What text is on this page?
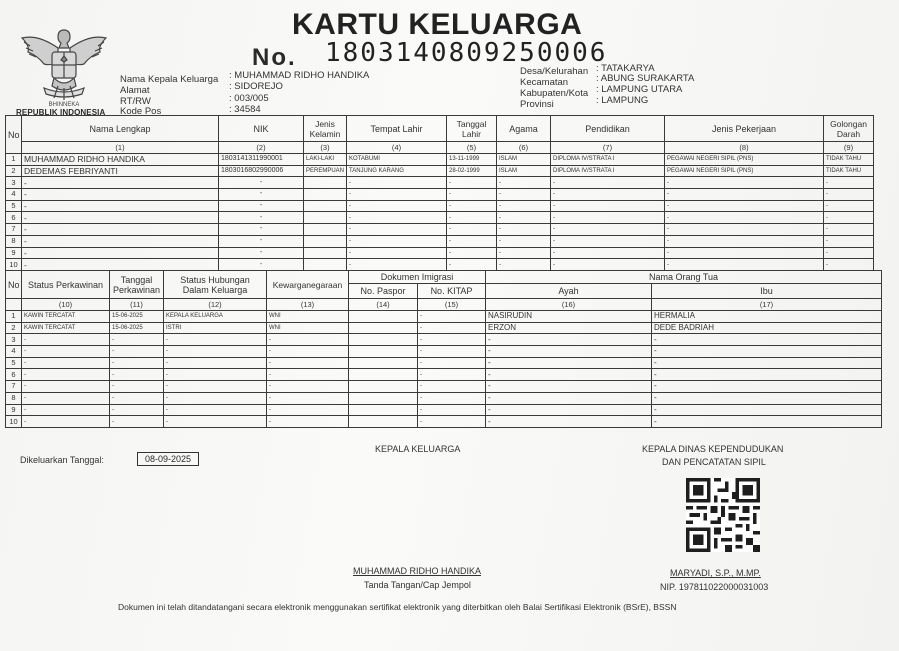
BHINNEKA
REPUBLIK INDONESIA
KARTU KELUARGA
No. 1803140809250006
Nama Kepala Keluarga : MUHAMMAD RIDHO HANDIKA
Alamat	: SIDOREJO
RT/RW	: 003/005
Kode Pos	: 34584
Desa/Kelurahan : TATAKARYA
Kecamatan	: ABUNG SURAKARTA
Kabupaten/Kota : LAMPUNG UTARA
Provinsi	: LAMPUNG
No	Nama Lengkap	NIK	Jenis Kelamin	Tempat Lahir	Tanggal Lahir	Agama	Pendidikan	Jenis Pekerjaan	Golongan Darah
	(1)	(2)	(3)	(4)	(5)	(6)	(7)	(8)	(9)
1	MUHAMMAD RIDHO HANDIKA	1803141311990001	LAKI-LAKI	KOTABUMI	13-11-1999	ISLAM	DIPLOMA IV/STRATA I	PEGAWAI NEGERI SIPIL (PNS)	TIDAK TAHU
2	DEDEMAS FEBRIYANTI	1803016802990006	PEREMPUAN	TANJUNG KARANG	28-02-1999	ISLAM	DIPLOMA IV/STRATA I	PEGAWAI NEGERI SIPIL (PNS)	TIDAK TAHU
3	-	-		-	-	-	-	-	-
4	-	-		-	-	-	-	-	-
5	-	-		-	-	-	-	-	-
6	-	-		-	-	-	-	-	-
7	-	-		-	-	-	-	-	-
8	-	-		-	-	-	-	-	-
9	-	-		-	-	-	-	-	-
10	-	-		-	-	-	-	-	-
No	Status Perkawinan	Tanggal Perkawinan	Status Hubungan Dalam Keluarga	Kewarganegaraan	Dokumen Imigrasi		Nama Orang Tua	
					No. Paspor	No. KITAP	Ayah	Ibu
	(10)	(11)	(12)	(13)	(14)	(15)	(16)	(17)
1	KAWIN TERCATAT	15-06-2025	KEPALA KELUARGA	WNI		-	NASIRUDIN	HERMALIA
2	KAWIN TERCATAT	15-06-2025	ISTRI	WNI		-	ERZON	DEDE BADRIAH
3	-	-	-	-		-	-	-
4	-	-	-	-		-	-	-
5	-	-	-	-		-	-	-
6	-	-	-	-		-	-	-
7	-	-	-	-		-	-	-
8	-	-	-	-		-	-	-
9	-	-	-	-		-	-	-
10	-	-	-	-		-	-	-
Dikeluarkan Tanggal:	08-09-2025
KEPALA KELUARGA	KEPALA DINAS KEPENDUDUKAN
DAN PENCATATAN SIPIL
MUHAMMAD RIDHO HANDIKA
Tanda Tangan/Cap Jempol
MARYADI, S.P., M.MP.
NIP. 197811022000031003
Dokumen ini telah ditandatangani secara elektronik menggunakan sertifikat elektronik yang diterbitkan oleh Balai Sertifikasi Elektronik (BSrE), BSSN
